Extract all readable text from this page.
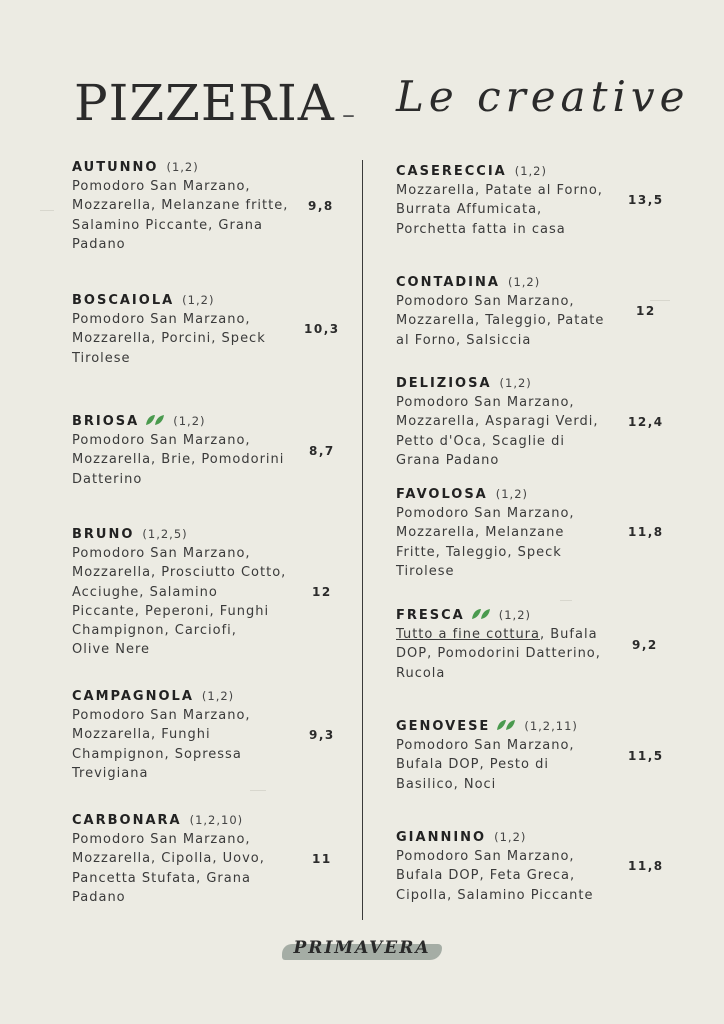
PIZZERIA – Le creative
AUTUNNO (1,2)

Pomodoro San Marzano,
Mozzarella, Melanzane fritte,
Salamino Piccante, Grana
Padano

9,8
BOSCAIOLA (1,2)

Pomodoro San Marzano,
Mozzarella, Porcini, Speck
Tirolese

10,3
BRIOSA	(1,2)

Pomodoro San Marzano,
Mozzarella, Brie, Pomodorini
Datterino

8,7
BRUNO (1,2,5)

Pomodoro San Marzano,
Mozzarella, Prosciutto Cotto,
Acciughe, Salamino
Piccante, Peperoni, Funghi
Champignon, Carciofi,
Olive Nere

12
CAMPAGNOLA (1,2)

Pomodoro San Marzano,
Mozzarella, Funghi
Champignon, Sopressa
Trevigiana

9,3
CARBONARA (1,2,10)

Pomodoro San Marzano,
Mozzarella, Cipolla, Uovo,
Pancetta Stufata, Grana
Padano

11
CASERECCIA (1,2)

Mozzarella, Patate al Forno,
Burrata Affumicata,
Porchetta fatta in casa

13,5
CONTADINA (1,2)

Pomodoro San Marzano,
Mozzarella, Taleggio, Patate
al Forno, Salsiccia

12
DELIZIOSA (1,2)

Pomodoro San Marzano,
Mozzarella, Asparagi Verdi,
Petto d'Oca, Scaglie di
Grana Padano

12,4
FAVOLOSA (1,2)

Pomodoro San Marzano,
Mozzarella, Melanzane
Fritte, Taleggio, Speck
Tirolese

11,8
FRESCA	(1,2)

Tutto a fine cottura, Bufala
DOP, Pomodorini Datterino,
Rucola

9,2
GENOVESE	(1,2,11)

Pomodoro San Marzano,
Bufala DOP, Pesto di
Basilico, Noci

11,5
GIANNINO (1,2)

Pomodoro San Marzano,
Bufala DOP, Feta Greca,
Cipolla, Salamino Piccante

11,8
PRIMAVERA
